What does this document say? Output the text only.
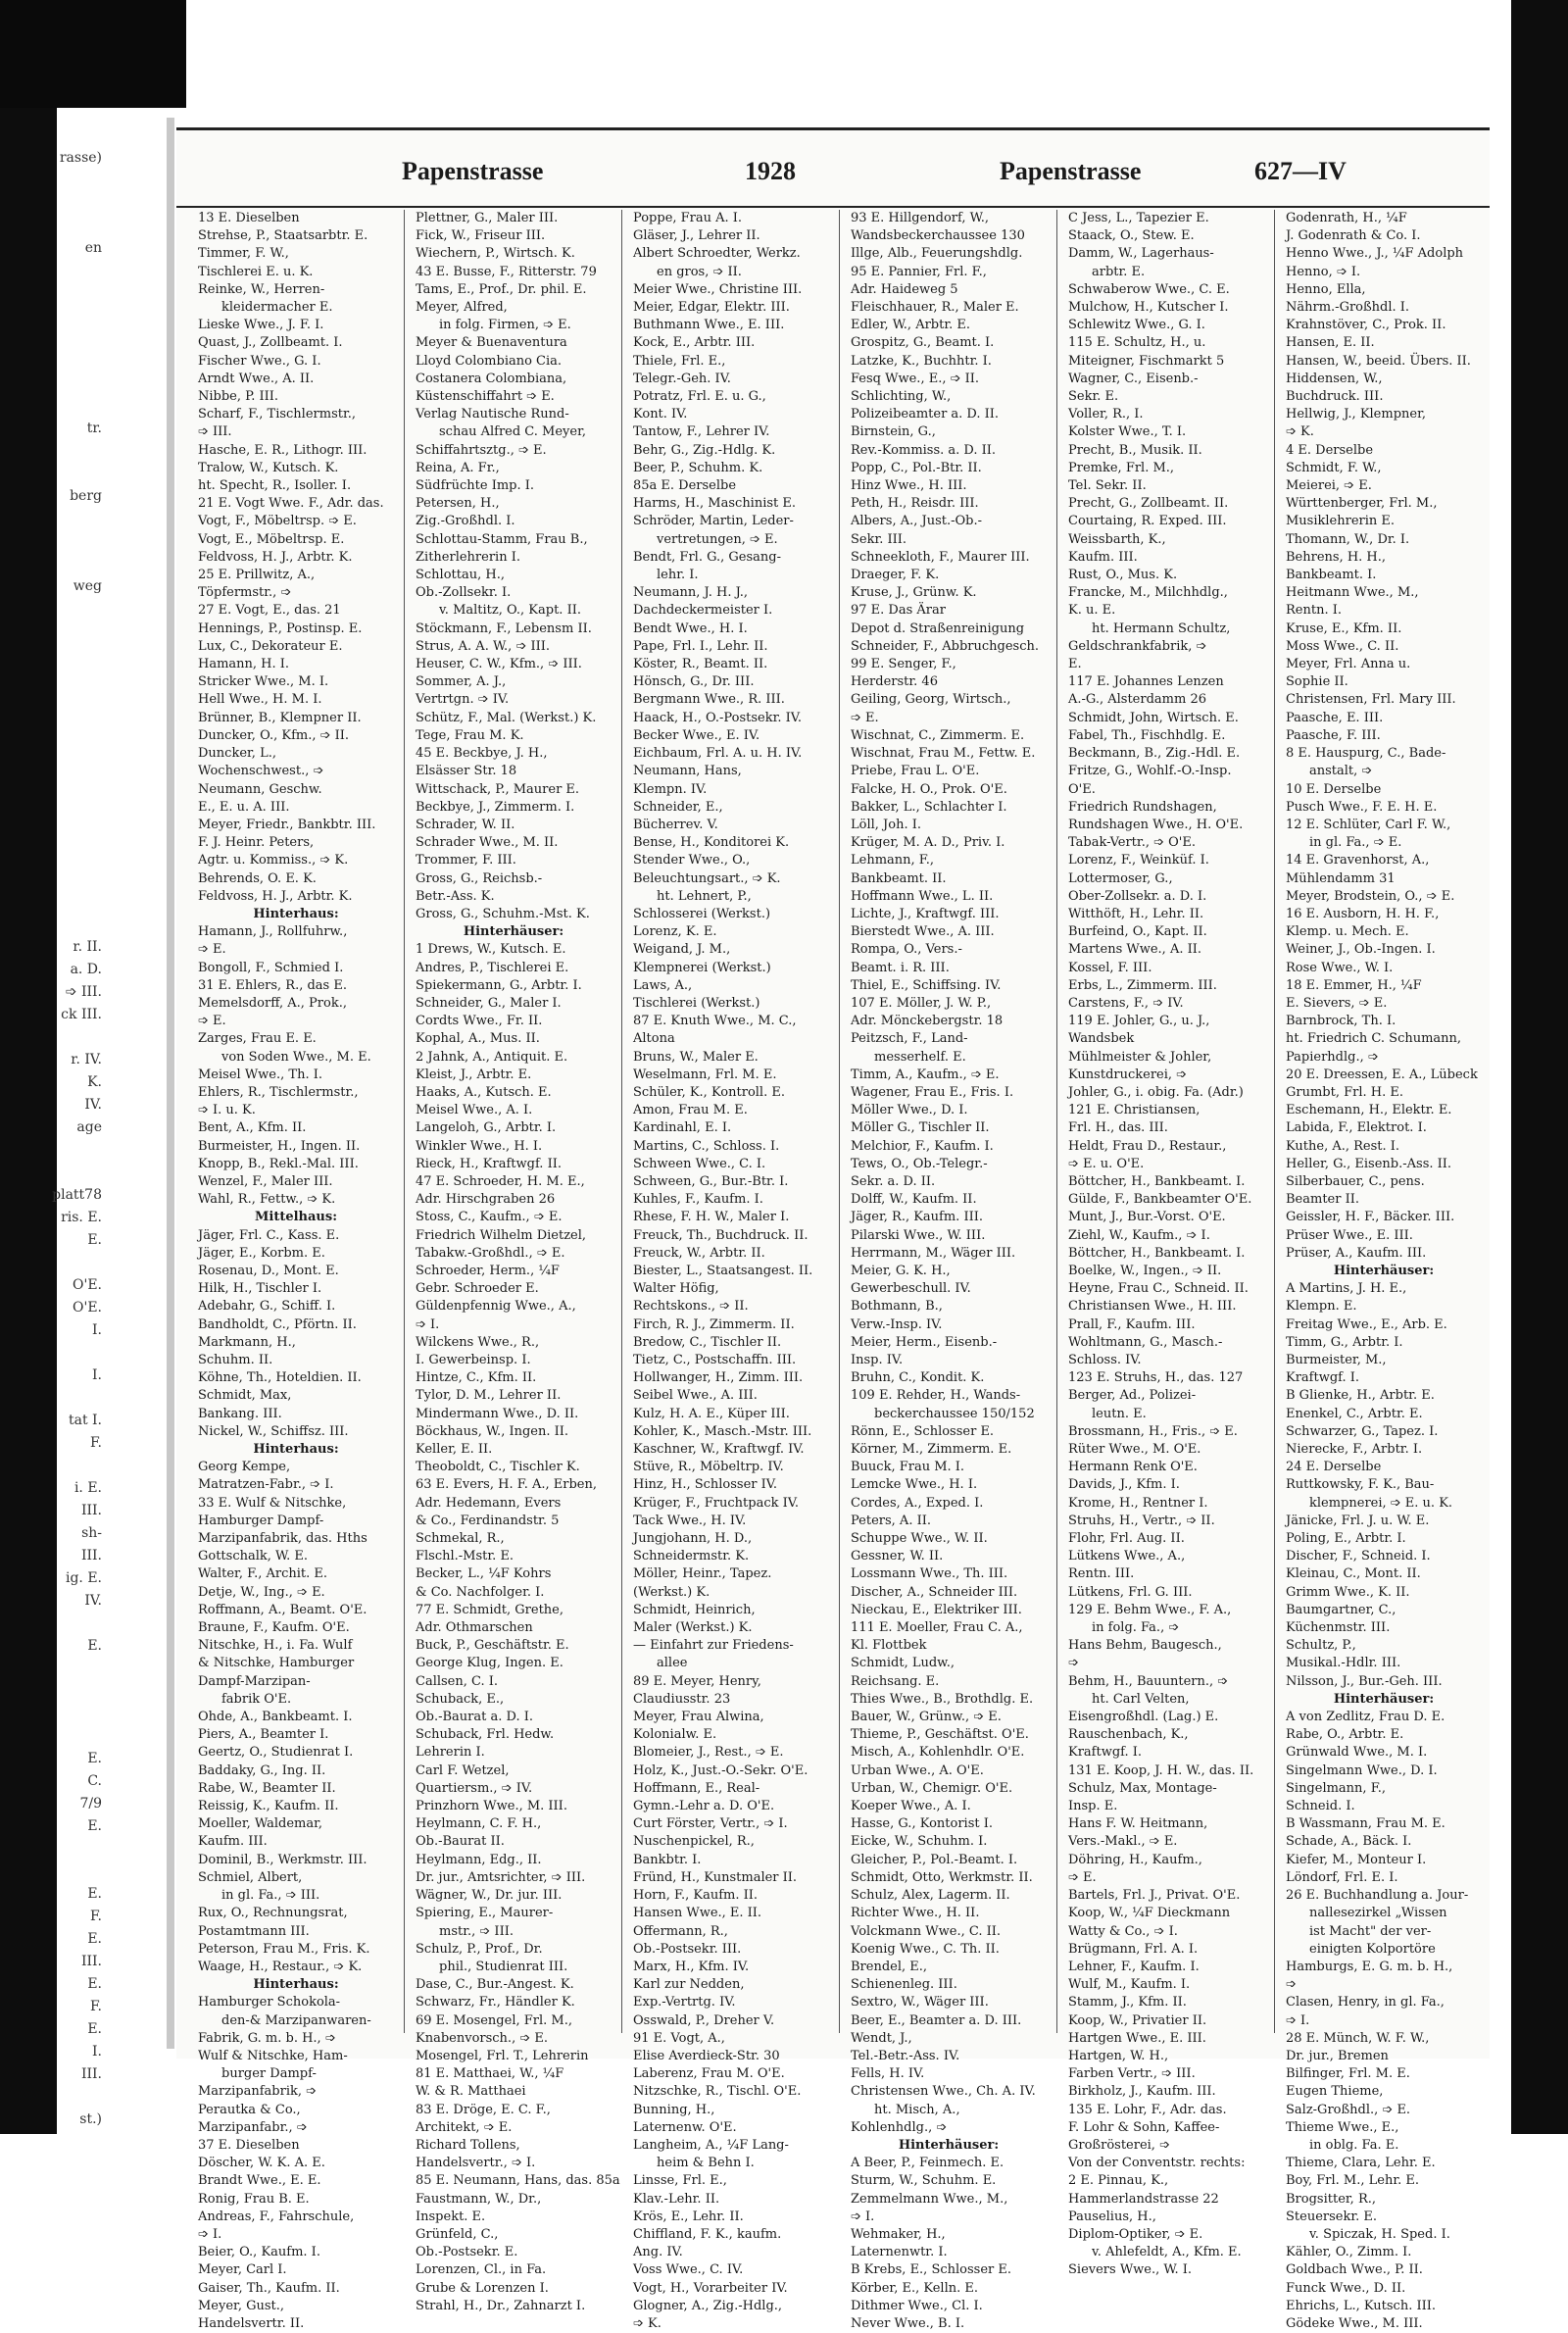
rasse)

en

tr.

berg

weg

r. II.
a. D.
➩ III.
ck III.

r. IV.
K.
IV.
age

platt78
ris. E.
E.

O'E.
O'E.
I.

I.

tat I.
F.

i. E.
III.
sh-
III.
ig. E.
IV.

E.

E.
C.
7/9
E.

E.
F.
E.
III.
E.
F.
E.
I.
III.

st.)
Papenstrasse	1928	Papenstrasse	627—IV
13 E. Dieselben
Strehse, P., Staatsarbtr. E.
Timmer, F. W.,
Tischlerei E. u. K.
Reinke, W., Herren-
kleidermacher E.
Lieske Wwe., J. F. I.
Quast, J., Zollbeamt. I.
Fischer Wwe., G. I.
Arndt Wwe., A. II.
Nibbe, P. III.
Scharf, F., Tischlermstr.,
➩ III.
Hasche, E. R., Lithogr. III.
Tralow, W., Kutsch. K.
ht. Specht, R., Isoller. I.
21 E. Vogt Wwe. F., Adr. das.
Vogt, F., Möbeltrsp. ➩ E.
Vogt, E., Möbeltrsp. E.
Feldvoss, H. J., Arbtr. K.
25 E. Prillwitz, A.,
Töpfermstr., ➩
27 E. Vogt, E., das. 21
Hennings, P., Postinsp. E.
Lux, C., Dekorateur E.
Hamann, H. I.
Stricker Wwe., M. I.
Hell Wwe., H. M. I.
Brünner, B., Klempner II.
Duncker, O., Kfm., ➩ II.
Duncker, L.,
Wochenschwest., ➩
Neumann, Geschw.
E., E. u. A. III.
Meyer, Friedr., Bankbtr. III.
F. J. Heinr. Peters,
Agtr. u. Kommiss., ➩ K.
Behrends, O. E. K.
Feldvoss, H. J., Arbtr. K.
Hinterhaus:
Hamann, J., Rollfuhrw.,
➩ E.
Bongoll, F., Schmied I.
31 E. Ehlers, R., das E.
Memelsdorff, A., Prok.,
➩ E.
Zarges, Frau E. E.
von Soden Wwe., M. E.
Meisel Wwe., Th. I.
Ehlers, R., Tischlermstr.,
➩ I. u. K.
Bent, A., Kfm. II.
Burmeister, H., Ingen. II.
Knopp, B., Rekl.-Mal. III.
Wenzel, F., Maler III.
Wahl, R., Fettw., ➩ K.
Mittelhaus:
Jäger, Frl. C., Kass. E.
Jäger, E., Korbm. E.
Rosenau, D., Mont. E.
Hilk, H., Tischler I.
Adebahr, G., Schiff. I.
Bandholdt, C., Pförtn. II.
Markmann, H.,
Schuhm. II.
Köhne, Th., Hoteldien. II.
Schmidt, Max,
Bankang. III.
Nickel, W., Schiffsz. III.
Hinterhaus:
Georg Kempe,
Matratzen-Fabr., ➩ I.
33 E. Wulf & Nitschke,
Hamburger Dampf-
Marzipanfabrik, das. Hths
Gottschalk, W. E.
Walter, F., Archit. E.
Detje, W., Ing., ➩ E.
Roffmann, A., Beamt. O'E.
Braune, F., Kaufm. O'E.
Nitschke, H., i. Fa. Wulf
& Nitschke, Hamburger
Dampf-Marzipan-
fabrik O'E.
Ohde, A., Bankbeamt. I.
Piers, A., Beamter I.
Geertz, O., Studienrat I.
Baddaky, G., Ing. II.
Rabe, W., Beamter II.
Reissig, K., Kaufm. II.
Moeller, Waldemar,
Kaufm. III.
Dominil, B., Werkmstr. III.
Schmiel, Albert,
in gl. Fa., ➩ III.
Rux, O., Rechnungsrat,
Postamtmann III.
Peterson, Frau M., Fris. K.
Waage, H., Restaur., ➩ K.
Hinterhaus:
Hamburger Schokola-
den-& Marzipanwaren-
Fabrik, G. m. b. H., ➩
Wulf & Nitschke, Ham-
burger Dampf-
Marzipanfabrik, ➩
Perautka & Co.,
Marzipanfabr., ➩
37 E. Dieselben
Döscher, W. K. A. E.
Brandt Wwe., E. E.
Ronig, Frau B. E.
Andreas, F., Fahrschule,
➩ I.
Beier, O., Kaufm. I.
Meyer, Carl I.
Gaiser, Th., Kaufm. II.
Meyer, Gust.,
Handelsvertr. II.
Plettner, G., Maler III.
Fick, W., Friseur III.
Wiechern, P., Wirtsch. K.
43 E. Busse, F., Ritterstr. 79
Tams, E., Prof., Dr. phil. E.
Meyer, Alfred,
in folg. Firmen, ➩ E.
Meyer & Buenaventura
Lloyd Colombiano Cia.
Costanera Colombiana,
Küstenschiffahrt ➩ E.
Verlag Nautische Rund-
schau Alfred C. Meyer,
Schiffahrtsztg., ➩ E.
Reina, A. Fr.,
Südfrüchte Imp. I.
Petersen, H.,
Zig.-Großhdl. I.
Schlottau-Stamm, Frau B.,
Zitherlehrerin I.
Schlottau, H.,
Ob.-Zollsekr. I.
v. Maltitz, O., Kapt. II.
Stöckmann, F., Lebensm II.
Strus, A. A. W., ➩ III.
Heuser, C. W., Kfm., ➩ III.
Sommer, A. J.,
Vertrtgn. ➩ IV.
Schütz, F., Mal. (Werkst.) K.
Tege, Frau M. K.
45 E. Beckbye, J. H.,
Elsässer Str. 18
Wittschack, P., Maurer E.
Beckbye, J., Zimmerm. I.
Schrader, W. II.
Schrader Wwe., M. II.
Trommer, F. III.
Gross, G., Reichsb.-
Betr.-Ass. K.
Gross, G., Schuhm.-Mst. K.
Hinterhäuser:
1 Drews, W., Kutsch. E.
Andres, P., Tischlerei E.
Spiekermann, G., Arbtr. I.
Schneider, G., Maler I.
Cordts Wwe., Fr. II.
Kophal, A., Mus. II.
2 Jahnk, A., Antiquit. E.
Kleist, J., Arbtr. E.
Haaks, A., Kutsch. E.
Meisel Wwe., A. I.
Langeloh, G., Arbtr. I.
Winkler Wwe., H. I.
Rieck, H., Kraftwgf. II.
47 E. Schroeder, H. M. E.,
Adr. Hirschgraben 26
Stoss, C., Kaufm., ➩ E.
Friedrich Wilhelm Dietzel,
Tabakw.-Großhdl., ➩ E.
Schroeder, Herm., ¼F
Gebr. Schroeder E.
Güldenpfennig Wwe., A.,
➩ I.
Wilckens Wwe., R.,
I. Gewerbeinsp. I.
Hintze, C., Kfm. II.
Tylor, D. M., Lehrer II.
Mindermann Wwe., D. II.
Böckhaus, W., Ingen. II.
Keller, E. II.
Theoboldt, C., Tischler K.
63 E. Evers, H. F. A., Erben,
Adr. Hedemann, Evers
& Co., Ferdinandstr. 5
Schmekal, R.,
Flschl.-Mstr. E.
Becker, L., ¼F Kohrs
& Co. Nachfolger. I.
77 E. Schmidt, Grethe,
Adr. Othmarschen
Buck, P., Geschäftstr. E.
George Klug, Ingen. E.
Callsen, C. I.
Schuback, E.,
Ob.-Baurat a. D. I.
Schuback, Frl. Hedw.
Lehrerin I.
Carl F. Wetzel,
Quartiersm., ➩ IV.
Prinzhorn Wwe., M. III.
Heylmann, C. F. H.,
Ob.-Baurat II.
Heylmann, Edg., II.
Dr. jur., Amtsrichter, ➩ III.
Wägner, W., Dr. jur. III.
Spiering, E., Maurer-
mstr., ➩ III.
Schulz, P., Prof., Dr.
phil., Studienrat III.
Dase, C., Bur.-Angest. K.
Schwarz, Fr., Händler K.
69 E. Mosengel, Frl. M.,
Knabenvorsch., ➩ E.
Mosengel, Frl. T., Lehrerin
81 E. Matthaei, W., ¼F
W. & R. Matthaei
83 E. Dröge, E. C. F.,
Architekt, ➩ E.
Richard Tollens,
Handelsvertr., ➩ I.
85 E. Neumann, Hans, das. 85a
Faustmann, W., Dr.,
Inspekt. E.
Grünfeld, C.,
Ob.-Postsekr. E.
Lorenzen, Cl., in Fa.
Grube & Lorenzen I.
Strahl, H., Dr., Zahnarzt I.
Poppe, Frau A. I.
Gläser, J., Lehrer II.
Albert Schroedter, Werkz.
en gros, ➩ II.
Meier Wwe., Christine III.
Meier, Edgar, Elektr. III.
Buthmann Wwe., E. III.
Kock, E., Arbtr. III.
Thiele, Frl. E.,
Telegr.-Geh. IV.
Potratz, Frl. E. u. G.,
Kont. IV.
Tantow, F., Lehrer IV.
Behr, G., Zig.-Hdlg. K.
Beer, P., Schuhm. K.
85a E. Derselbe
Harms, H., Maschinist E.
Schröder, Martin, Leder-
vertretungen, ➩ E.
Bendt, Frl. G., Gesang-
lehr. I.
Neumann, J. H. J.,
Dachdeckermeister I.
Bendt Wwe., H. I.
Pape, Frl. I., Lehr. II.
Köster, R., Beamt. II.
Hönsch, G., Dr. III.
Bergmann Wwe., R. III.
Haack, H., O.-Postsekr. IV.
Becker Wwe., E. IV.
Eichbaum, Frl. A. u. H. IV.
Neumann, Hans,
Klempn. IV.
Schneider, E.,
Bücherrev. V.
Bense, H., Konditorei K.
Stender Wwe., O.,
Beleuchtungsart., ➩ K.
ht. Lehnert, P.,
Schlosserei (Werkst.)
Lorenz, K. E.
Weigand, J. M.,
Klempnerei (Werkst.)
Laws, A.,
Tischlerei (Werkst.)
87 E. Knuth Wwe., M. C.,
Altona
Bruns, W., Maler E.
Weselmann, Frl. M. E.
Schüler, K., Kontroll. E.
Amon, Frau M. E.
Kardinahl, E. I.
Martins, C., Schloss. I.
Schween Wwe., C. I.
Schween, G., Bur.-Btr. I.
Kuhles, F., Kaufm. I.
Rhese, F. H. W., Maler I.
Freuck, Th., Buchdruck. II.
Freuck, W., Arbtr. II.
Biester, L., Staatsangest. II.
Walter Höfig,
Rechtskons., ➩ II.
Firch, R. J., Zimmerm. II.
Bredow, C., Tischler II.
Tietz, C., Postschaffn. III.
Hollwanger, H., Zimm. III.
Seibel Wwe., A. III.
Kulz, H. A. E., Küper III.
Kohler, K., Masch.-Mstr. III.
Kaschner, W., Kraftwgf. IV.
Stüve, R., Möbeltrp. IV.
Hinz, H., Schlosser IV.
Krüger, F., Fruchtpack IV.
Tack Wwe., H. IV.
Jungjohann, H. D.,
Schneidermstr. K.
Möller, Heinr., Tapez.
(Werkst.) K.
Schmidt, Heinrich,
Maler (Werkst.) K.
— Einfahrt zur Friedens-
allee
89 E. Meyer, Henry,
Claudiusstr. 23
Meyer, Frau Alwina,
Kolonialw. E.
Blomeier, J., Rest., ➩ E.
Holz, K., Just.-O.-Sekr. O'E.
Hoffmann, E., Real-
Gymn.-Lehr a. D. O'E.
Curt Förster, Vertr., ➩ I.
Nuschenpickel, R.,
Bankbtr. I.
Fründ, H., Kunstmaler II.
Horn, F., Kaufm. II.
Hansen Wwe., E. II.
Offermann, R.,
Ob.-Postsekr. III.
Marx, H., Kfm. IV.
Karl zur Nedden,
Exp.-Vertrtg. IV.
Osswald, P., Dreher V.
91 E. Vogt, A.,
Elise Averdieck-Str. 30
Laberenz, Frau M. O'E.
Nitzschke, R., Tischl. O'E.
Bunning, H.,
Laternenw. O'E.
Langheim, A., ¼F Lang-
heim & Behn I.
Linsse, Frl. E.,
Klav.-Lehr. II.
Krös, E., Lehr. II.
Chiffland, F. K., kaufm.
Ang. IV.
Voss Wwe., C. IV.
Vogt, H., Vorarbeiter IV.
Glogner, A., Zig.-Hdlg.,
➩ K.
93 E. Hillgendorf, W.,
Wandsbeckerchaussee 130
Illge, Alb., Feuerungshdlg.
95 E. Pannier, Frl. F.,
Adr. Haideweg 5
Fleischhauer, R., Maler E.
Edler, W., Arbtr. E.
Grospitz, G., Beamt. I.
Latzke, K., Buchhtr. I.
Fesq Wwe., E., ➩ II.
Schlichting, W.,
Polizeibeamter a. D. II.
Birnstein, G.,
Rev.-Kommiss. a. D. II.
Popp, C., Pol.-Btr. II.
Hinz Wwe., H. III.
Peth, H., Reisdr. III.
Albers, A., Just.-Ob.-
Sekr. III.
Schneekloth, F., Maurer III.
Draeger, F. K.
Kruse, J., Grünw. K.
97 E. Das Ärar
Depot d. Straßenreinigung
Schneider, F., Abbruchgesch.
99 E. Senger, F.,
Herderstr. 46
Geiling, Georg, Wirtsch.,
➩ E.
Wischnat, C., Zimmerm. E.
Wischnat, Frau M., Fettw. E.
Priebe, Frau L. O'E.
Falcke, H. O., Prok. O'E.
Bakker, L., Schlachter I.
Löll, Joh. I.
Krüger, M. A. D., Priv. I.
Lehmann, F.,
Bankbeamt. II.
Hoffmann Wwe., L. II.
Lichte, J., Kraftwgf. III.
Bierstedt Wwe., A. III.
Rompa, O., Vers.-
Beamt. i. R. III.
Thiel, E., Schiffsing. IV.
107 E. Möller, J. W. P.,
Adr. Mönckebergstr. 18
Peitzsch, F., Land-
messerhelf. E.
Timm, A., Kaufm., ➩ E.
Wagener, Frau E., Fris. I.
Möller Wwe., D. I.
Möller G., Tischler II.
Melchior, F., Kaufm. I.
Tews, O., Ob.-Telegr.-
Sekr. a. D. II.
Dolff, W., Kaufm. II.
Jäger, R., Kaufm. III.
Pilarski Wwe., W. III.
Herrmann, M., Wäger III.
Meier, G. K. H.,
Gewerbeschull. IV.
Bothmann, B.,
Verw.-Insp. IV.
Meier, Herm., Eisenb.-
Insp. IV.
Bruhn, C., Kondit. K.
109 E. Rehder, H., Wands-
beckerchaussee 150/152
Rönn, E., Schlosser E.
Körner, M., Zimmerm. E.
Buuck, Frau M. I.
Lemcke Wwe., H. I.
Cordes, A., Exped. I.
Peters, A. II.
Schuppe Wwe., W. II.
Gessner, W. II.
Lossmann Wwe., Th. III.
Discher, A., Schneider III.
Nieckau, E., Elektriker III.
111 E. Moeller, Frau C. A.,
Kl. Flottbek
Schmidt, Ludw.,
Reichsang. E.
Thies Wwe., B., Brothdlg. E.
Bauer, W., Grünw., ➩ E.
Thieme, P., Geschäftst. O'E.
Misch, A., Kohlenhdlr. O'E.
Urban Wwe., A. O'E.
Urban, W., Chemigr. O'E.
Koeper Wwe., A. I.
Hasse, G., Kontorist I.
Eicke, W., Schuhm. I.
Gleicher, P., Pol.-Beamt. I.
Schmidt, Otto, Werkmstr. II.
Schulz, Alex, Lagerm. II.
Richter Wwe., H. II.
Volckmann Wwe., C. II.
Koenig Wwe., C. Th. II.
Brendel, E.,
Schienenleg. III.
Sextro, W., Wäger III.
Beer, E., Beamter a. D. III.
Wendt, J.,
Tel.-Betr.-Ass. IV.
Fells, H. IV.
Christensen Wwe., Ch. A. IV.
ht. Misch, A.,
Kohlenhdlg., ➩
Hinterhäuser:
A Beer, P., Feinmech. E.
Sturm, W., Schuhm. E.
Zemmelmann Wwe., M.,
➩ I.
Wehmaker, H.,
Laternenwtr. I.
B Krebs, E., Schlosser E.
Körber, E., Kelln. E.
Dithmer Wwe., Cl. I.
Never Wwe., B. I.
C Jess, L., Tapezier E.
Staack, O., Stew. E.
Damm, W., Lagerhaus-
arbtr. E.
Schwaberow Wwe., C. E.
Mulchow, H., Kutscher I.
Schlewitz Wwe., G. I.
115 E. Schultz, H., u.
Miteigner, Fischmarkt 5
Wagner, C., Eisenb.-
Sekr. E.
Voller, R., I.
Kolster Wwe., T. I.
Precht, B., Musik. II.
Premke, Frl. M.,
Tel. Sekr. II.
Precht, G., Zollbeamt. II.
Courtaing, R. Exped. III.
Weissbarth, K.,
Kaufm. III.
Rust, O., Mus. K.
Francke, M., Milchhdlg.,
K. u. E.
ht. Hermann Schultz,
Geldschrankfabrik, ➩
E.
117 E. Johannes Lenzen
A.-G., Alsterdamm 26
Schmidt, John, Wirtsch. E.
Fabel, Th., Fischhdlg. E.
Beckmann, B., Zig.-Hdl. E.
Fritze, G., Wohlf.-O.-Insp.
O'E.
Friedrich Rundshagen,
Rundshagen Wwe., H. O'E.
Tabak-Vertr., ➩ O'E.
Lorenz, F., Weinküf. I.
Lottermoser, G.,
Ober-Zollsekr. a. D. I.
Witthöft, H., Lehr. II.
Burfeind, O., Kapt. II.
Martens Wwe., A. II.
Kossel, F. III.
Erbs, L., Zimmerm. III.
Carstens, F., ➩ IV.
119 E. Johler, G., u. J.,
Wandsbek
Mühlmeister & Johler,
Kunstdruckerei, ➩
Johler, G., i. obig. Fa. (Adr.)
121 E. Christiansen,
Frl. H., das. III.
Heldt, Frau D., Restaur.,
➩ E. u. O'E.
Böttcher, H., Bankbeamt. I.
Gülde, F., Bankbeamter O'E.
Munt, J., Bur.-Vorst. O'E.
Ziehl, W., Kaufm., ➩ I.
Böttcher, H., Bankbeamt. I.
Boelke, W., Ingen., ➩ II.
Heyne, Frau C., Schneid. II.
Christiansen Wwe., H. III.
Prall, F., Kaufm. III.
Wohltmann, G., Masch.-
Schloss. IV.
123 E. Struhs, H., das. 127
Berger, Ad., Polizei-
leutn. E.
Brossmann, H., Fris., ➩ E.
Rüter Wwe., M. O'E.
Hermann Renk O'E.
Davids, J., Kfm. I.
Krome, H., Rentner I.
Struhs, H., Vertr., ➩ II.
Flohr, Frl. Aug. II.
Lütkens Wwe., A.,
Rentn. III.
Lütkens, Frl. G. III.
129 E. Behm Wwe., F. A.,
in folg. Fa., ➩
Hans Behm, Baugesch.,
➩
Behm, H., Bauuntern., ➩
ht. Carl Velten,
Eisengroßhdl. (Lag.) E.
Rauschenbach, K.,
Kraftwgf. I.
131 E. Koop, J. H. W., das. II.
Schulz, Max, Montage-
Insp. E.
Hans F. W. Heitmann,
Vers.-Makl., ➩ E.
Döhring, H., Kaufm.,
➩ E.
Bartels, Frl. J., Privat. O'E.
Koop, W., ¼F Dieckmann
Watty & Co., ➩ I.
Brügmann, Frl. A. I.
Lehner, F., Kaufm. I.
Wulf, M., Kaufm. I.
Stamm, J., Kfm. II.
Koop, W., Privatier II.
Hartgen Wwe., E. III.
Hartgen, W. H.,
Farben Vertr., ➩ III.
Birkholz, J., Kaufm. III.
135 E. Lohr, F., Adr. das.
F. Lohr & Sohn, Kaffee-
Großrösterei, ➩
Von der Conventstr. rechts:
2 E. Pinnau, K.,
Hammerlandstrasse 22
Pauselius, H.,
Diplom-Optiker, ➩ E.
v. Ahlefeldt, A., Kfm. E.
Sievers Wwe., W. I.
Godenrath, H., ¼F
J. Godenrath & Co. I.
Henno Wwe., J., ¼F Adolph
Henno, ➩ I.
Henno, Ella,
Nährm.-Großhdl. I.
Krahnstöver, C., Prok. II.
Hansen, E. II.
Hansen, W., beeid. Übers. II.
Hiddensen, W.,
Buchdruck. III.
Hellwig, J., Klempner,
➩ K.
4 E. Derselbe
Schmidt, F. W.,
Meierei, ➩ E.
Württenberger, Frl. M.,
Musiklehrerin E.
Thomann, W., Dr. I.
Behrens, H. H.,
Bankbeamt. I.
Heitmann Wwe., M.,
Rentn. I.
Kruse, E., Kfm. II.
Moss Wwe., C. II.
Meyer, Frl. Anna u.
Sophie II.
Christensen, Frl. Mary III.
Paasche, E. III.
Paasche, F. III.
8 E. Hauspurg, C., Bade-
anstalt, ➩
10 E. Derselbe
Pusch Wwe., F. E. H. E.
12 E. Schlüter, Carl F. W.,
in gl. Fa., ➩ E.
14 E. Gravenhorst, A.,
Mühlendamm 31
Meyer, Brodstein, O., ➩ E.
16 E. Ausborn, H. H. F.,
Klemp. u. Mech. E.
Weiner, J., Ob.-Ingen. I.
Rose Wwe., W. I.
18 E. Emmer, H., ¼F
E. Sievers, ➩ E.
Barnbrock, Th. I.
ht. Friedrich C. Schumann,
Papierhdlg., ➩
20 E. Dreessen, E. A., Lübeck
Grumbt, Frl. H. E.
Eschemann, H., Elektr. E.
Labida, F., Elektrot. I.
Kuthe, A., Rest. I.
Heller, G., Eisenb.-Ass. II.
Silberbauer, C., pens.
Beamter II.
Geissler, H. F., Bäcker. III.
Prüser Wwe., E. III.
Prüser, A., Kaufm. III.
Hinterhäuser:
A Martins, J. H. E.,
Klempn. E.
Freitag Wwe., E., Arb. E.
Timm, G., Arbtr. I.
Burmeister, M.,
Kraftwgf. I.
B Glienke, H., Arbtr. E.
Enenkel, C., Arbtr. E.
Schwarzer, G., Tapez. I.
Nierecke, F., Arbtr. I.
24 E. Derselbe
Ruttkowsky, F. K., Bau-
klempnerei, ➩ E. u. K.
Jänicke, Frl. J. u. W. E.
Poling, E., Arbtr. I.
Discher, F., Schneid. I.
Kleinau, C., Mont. II.
Grimm Wwe., K. II.
Baumgartner, C.,
Küchenmstr. III.
Schultz, P.,
Musikal.-Hdlr. III.
Nilsson, J., Bur.-Geh. III.
Hinterhäuser:
A von Zedlitz, Frau D. E.
Rabe, O., Arbtr. E.
Grünwald Wwe., M. I.
Singelmann Wwe., D. I.
Singelmann, F.,
Schneid. I.
B Wassmann, Frau M. E.
Schade, A., Bäck. I.
Kiefer, M., Monteur I.
Löndorf, Frl. E. I.
26 E. Buchhandlung a. Jour-
nallesezirkel „Wissen
ist Macht" der ver-
einigten Kolportöre
Hamburgs, E. G. m. b. H.,
➩
Clasen, Henry, in gl. Fa.,
➩ I.
28 E. Münch, W. F. W.,
Dr. jur., Bremen
Bilfinger, Frl. M. E.
Eugen Thieme,
Salz-Großhdl., ➩ E.
Thieme Wwe., E.,
in oblg. Fa. E.
Thieme, Clara, Lehr. E.
Boy, Frl. M., Lehr. E.
Brogsitter, R.,
Steuersekr. E.
v. Spiczak, H. Sped. I.
Kähler, O., Zimm. I.
Goldbach Wwe., P. II.
Funck Wwe., D. II.
Ehrichs, L., Kutsch. III.
Gödeke Wwe., M. III.
